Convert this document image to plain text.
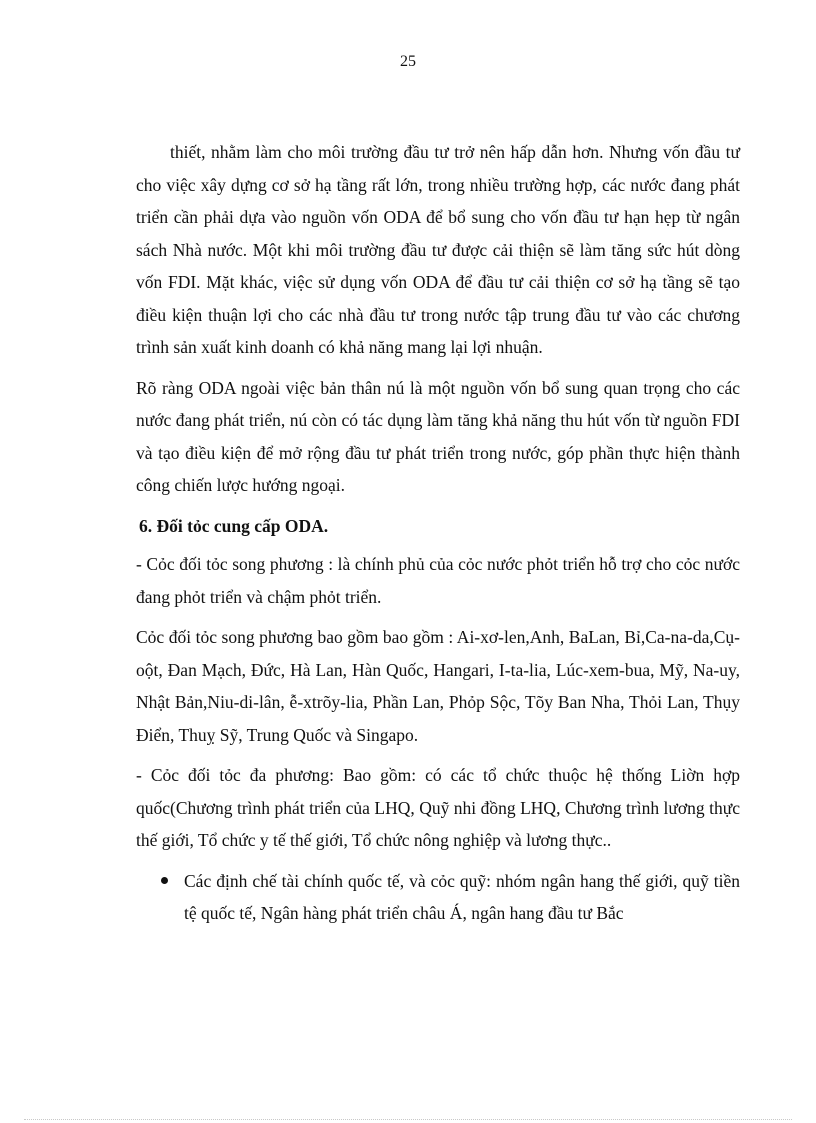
25

thiết, nhằm làm cho môi trường đầu tư trở nên hấp dẫn hơn. Nhưng vốn đầu tư cho việc xây dựng cơ sở hạ tầng rất lớn, trong nhiều trường hợp, các nước đang phát triển cần phải dựa vào nguồn vốn ODA để bổ sung cho vốn đầu tư hạn hẹp từ ngân sách Nhà nước. Một khi môi trường đầu tư được cải thiện sẽ làm tăng sức hút dòng vốn FDI. Mặt khác, việc sử dụng vốn ODA để đầu tư cải thiện cơ sở hạ tầng sẽ tạo điều kiện thuận lợi cho các nhà đầu tư trong nước tập trung đầu tư vào các chương trình sản xuất kinh doanh có khả năng mang lại lợi nhuận.

Rõ ràng ODA ngoài việc bản thân nú là một nguồn vốn bổ sung quan trọng cho các nước đang phát triển, nú còn có tác dụng làm tăng khả năng thu hút vốn từ nguồn FDI và tạo điều kiện để mở rộng đầu tư phát triển trong nước, góp phần thực hiện thành công chiến lược hướng ngoại.

6. Đối tỏc cung cấp ODA.

- Cỏc đối tỏc song phương : là chính phủ của cỏc nước phỏt triển hỗ trợ cho cỏc nước đang phỏt triển và chậm phỏt triển.

Cỏc đối tỏc song phương bao gồm bao gồm : Ai-xơ-len,Anh, BaLan, Bỉ,Ca-na-da,Cụ-oột, Đan Mạch, Đức, Hà Lan, Hàn Quốc, Hangari, I-ta-lia, Lúc-xem-bua, Mỹ, Na-uy, Nhật Bản,Niu-di-lân, ễ-xtrõy-lia, Phần Lan, Phỏp Sộc, Tõy Ban Nha, Thỏi Lan, Thụy Điển, Thuỵ Sỹ, Trung Quốc và Singapo.

- Cỏc đối tỏc đa phương: Bao gồm: có các tổ chức thuộc hệ thống Liờn hợp quốc(Chương trình phát triển của LHQ, Quỹ nhi đồng LHQ, Chương trình lương thực thế giới, Tổ chức y tế thế giới, Tổ chức nông nghiệp và lương thực..

Các định chế tài chính quốc tế, và cỏc quỹ: nhóm ngân hang thế giới, quỹ tiền tệ quốc tế, Ngân hàng phát triển châu Á, ngân hang đầu tư Bắc
